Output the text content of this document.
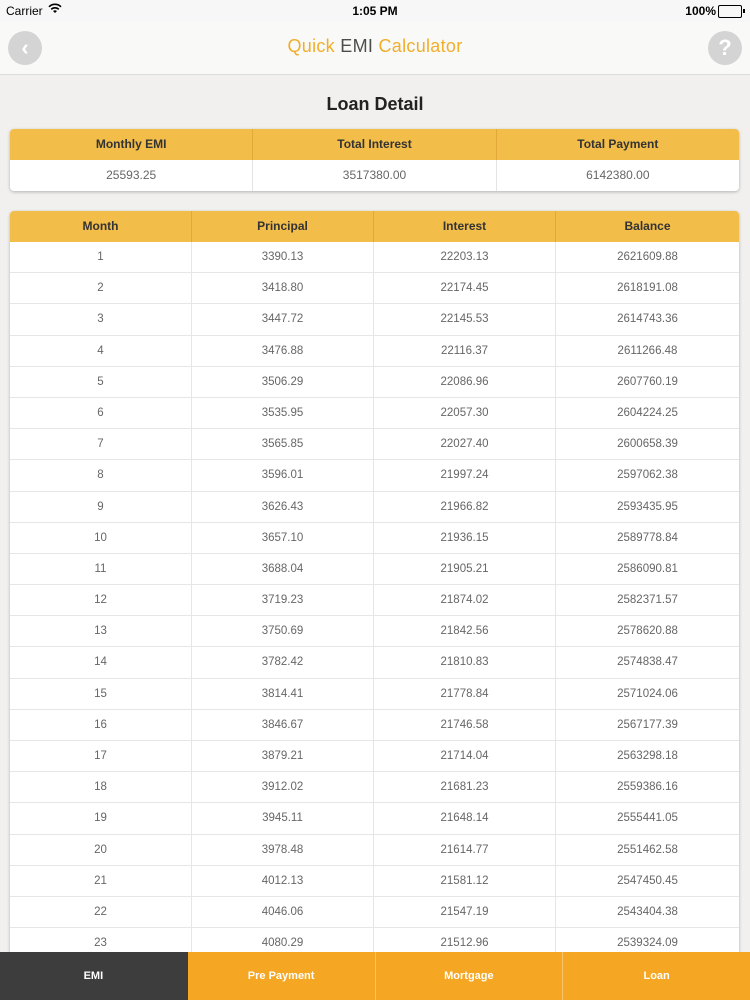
Carrier	1:05 PM	100%
‹	Quick EMI Calculator	?
Loan Detail
Monthly EMI	Total Interest	Total Payment
25593.25	3517380.00	6142380.00
Month	Principal	Interest	Balance
1	3390.13	22203.13	2621609.88
2	3418.80	22174.45	2618191.08
3	3447.72	22145.53	2614743.36
4	3476.88	22116.37	2611266.48
5	3506.29	22086.96	2607760.19
6	3535.95	22057.30	2604224.25
7	3565.85	22027.40	2600658.39
8	3596.01	21997.24	2597062.38
9	3626.43	21966.82	2593435.95
10	3657.10	21936.15	2589778.84
11	3688.04	21905.21	2586090.81
12	3719.23	21874.02	2582371.57
13	3750.69	21842.56	2578620.88
14	3782.42	21810.83	2574838.47
15	3814.41	21778.84	2571024.06
16	3846.67	21746.58	2567177.39
17	3879.21	21714.04	2563298.18
18	3912.02	21681.23	2559386.16
19	3945.11	21648.14	2555441.05
20	3978.48	21614.77	2551462.58
21	4012.13	21581.12	2547450.45
22	4046.06	21547.19	2543404.38
23	4080.29	21512.96	2539324.09
EMI	Pre Payment	Mortgage	Loan
